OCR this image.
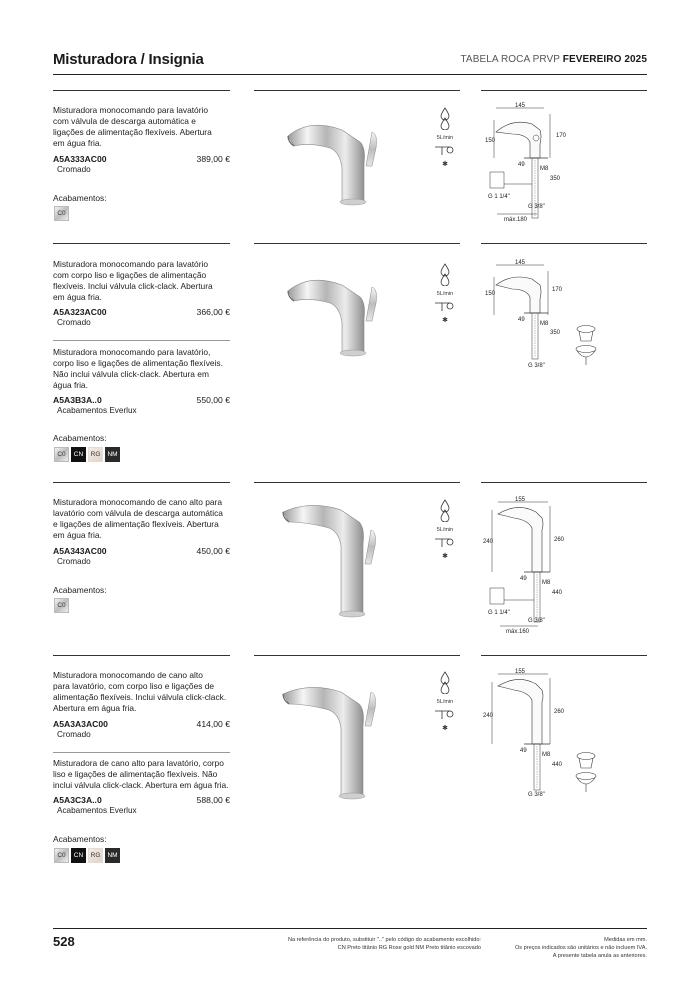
Misturadora / Insignia	TABELA ROCA PRVP FEVEREIRO 2025
Misturadora monocomando para lavatório
com válvula de descarga automática e
ligações de alimentação flexíveis. Abertura
em água fria.
A5A333AC00	389,00 €
Cromado
Acabamentos:
C0
Misturadora monocomando para lavatório
com corpo liso e ligações de alimentação
flexíveis. Inclui válvula click-clack. Abertura
em água fria.
A5A323AC00	366,00 €
Cromado
Misturadora monocomando para lavatório,
corpo liso e ligações de alimentação flexíveis.
Não inclui válvula click-clack. Abertura em
água fria.
A5A3B3A..0	550,00 €
Acabamentos Everlux
Acabamentos:
C0	CN	RG	NM
Misturadora monocomando de cano alto para
lavatório com válvula de descarga automática
e ligações de alimentação flexíveis. Abertura
em água fria.
A5A343AC00	450,00 €
Cromado
Acabamentos:
C0
Misturadora monocomando de cano alto
para lavatório, com corpo liso e ligações de
alimentação flexíveis. Inclui válvula click-clack.
Abertura em água fria.
A5A3A3AC00	414,00 €
Cromado
Misturadora de cano alto para lavatório, corpo
liso e ligações de alimentação flexíveis. Não
inclui válvula click-clack. Abertura em água fria.
A5A3C3A..0	588,00 €
Acabamentos Everlux
Acabamentos:
C0	CN	RG	NM
5L/min
✱
5L/min
✱
5L/min
✱
5L/min
✱
145
150
170
49
M8
350
G 1 1/4"
G 3/8"
máx.180
145
150
170
49
M8
350
G 3/8"
155
240	260
49
M8
440
G 1 1/4"
G 3/8"
máx.160
155
240
260
49
M8
440
G 3/8"
528	Na referência do produto, substituir ".." pelo código do acabamento escolhido:
CN Preto titânio RG Rose gold NM Preto titânio escovado
Medidas em mm.
Os preços indicados são unitários e não incluem IVA.
A presente tabela anula as anteriores.
